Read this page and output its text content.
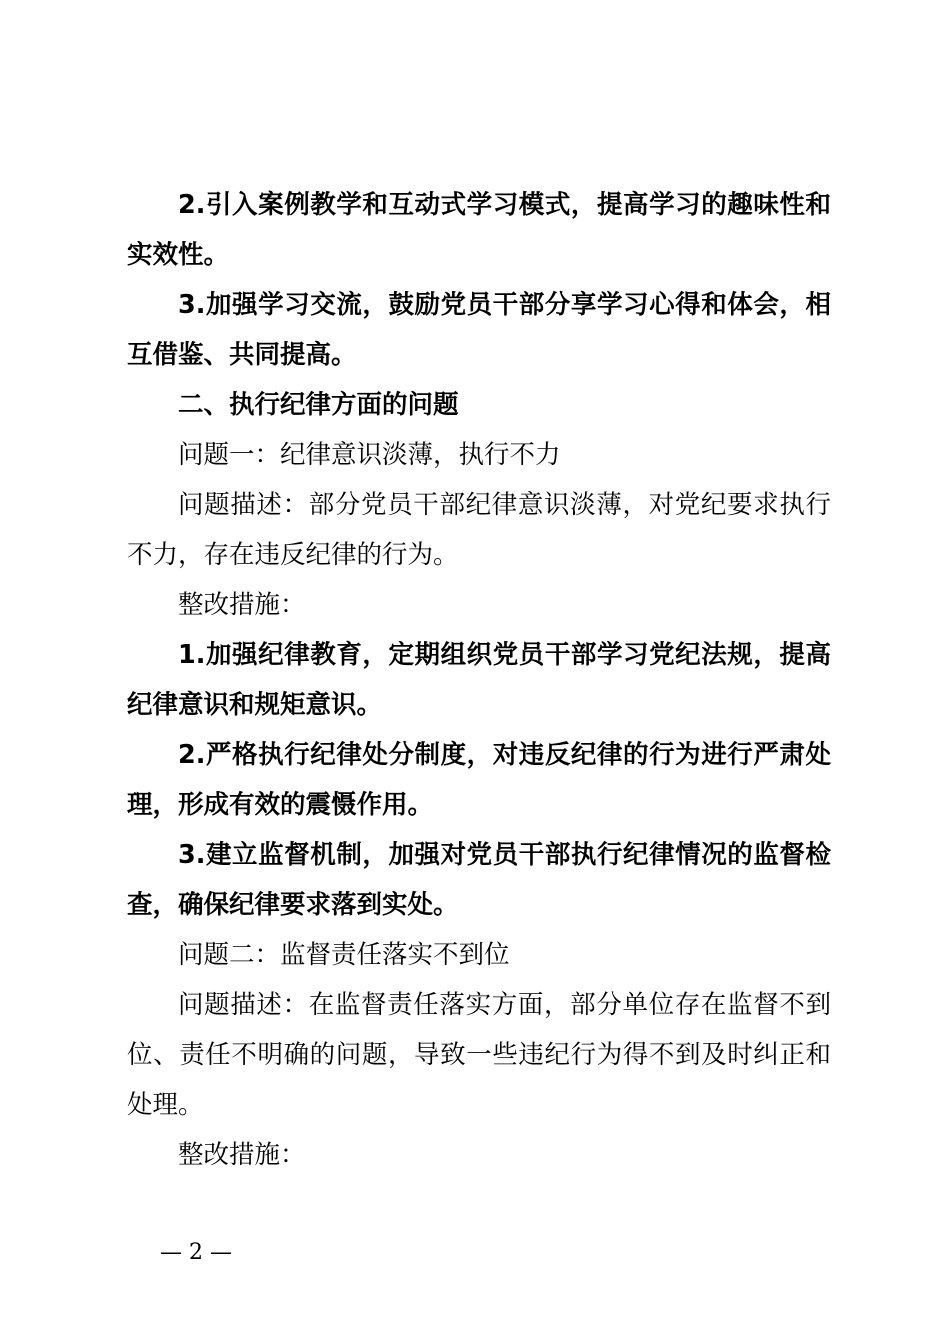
2.引入案例教学和互动式学习模式，提高学习的趣味性和实效性。

3.加强学习交流，鼓励党员干部分享学习心得和体会，相互借鉴、共同提高。

二、执行纪律方面的问题

问题一：纪律意识淡薄，执行不力

问题描述：部分党员干部纪律意识淡薄，对党纪要求执行不力，存在违反纪律的行为。

整改措施：

1.加强纪律教育，定期组织党员干部学习党纪法规，提高纪律意识和规矩意识。

2.严格执行纪律处分制度，对违反纪律的行为进行严肃处理，形成有效的震慑作用。

3.建立监督机制，加强对党员干部执行纪律情况的监督检查，确保纪律要求落到实处。

问题二：监督责任落实不到位

问题描述：在监督责任落实方面，部分单位存在监督不到位、责任不明确的问题，导致一些违纪行为得不到及时纠正和处理。

整改措施：

— 2 —
